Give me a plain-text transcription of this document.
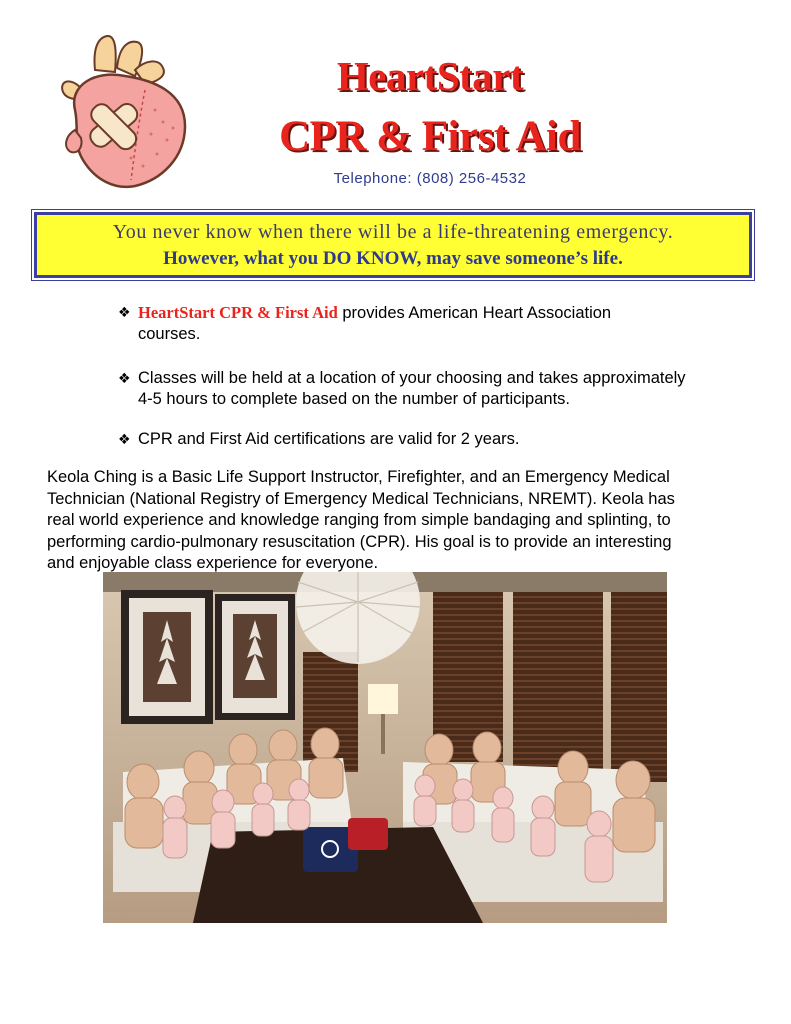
HeartStart
CPR & First Aid
Telephone: (808) 256-4532
You never know when there will be a life-threatening emergency.
However, what you DO KNOW, may save someone’s life.
❖ HeartStart CPR & First Aid provides American Heart Association
courses.
❖ Classes will be held at a location of your choosing and takes approximately
4-5 hours to complete based on the number of participants.
❖ CPR and First Aid certifications are valid for 2 years.
Keola Ching is a Basic Life Support Instructor, Firefighter, and an Emergency Medical
Technician (National Registry of Emergency Medical Technicians, NREMT). Keola has
real world experience and knowledge ranging from simple bandaging and splinting, to
performing cardio-pulmonary resuscitation (CPR). His goal is to provide an interesting
and enjoyable class experience for everyone.
